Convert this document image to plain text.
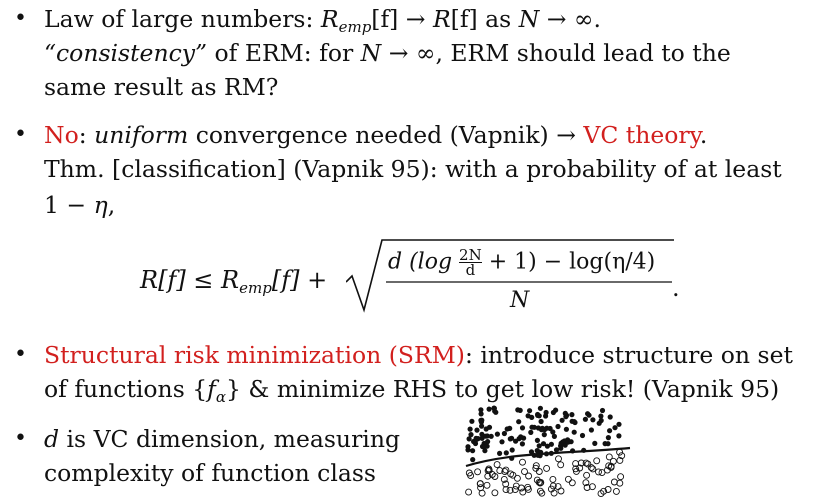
• Law of large numbers: $R_{emp}[f] \to R[f]$ as N → ∞.
“consistency” of ERM: for N → ∞, ERM should lead to the
same result as RM?
• No: uniform convergence needed (Vapnik) → VC theory.
Thm. [classification] (Vapnik 95): with a probability of at least
1 − η,
$R[f] \le R_{emp}[f]$ +
d $(\log \frac{2N}{d} + 1) - \log(\eta/4)$
N	.
• Structural risk minimization (SRM): introduce structure on set
of functions $\{f_\alpha\}$ & minimize RHS to get low risk! (Vapnik 95)
• d is VC dimension, measuring
complexity of function class
